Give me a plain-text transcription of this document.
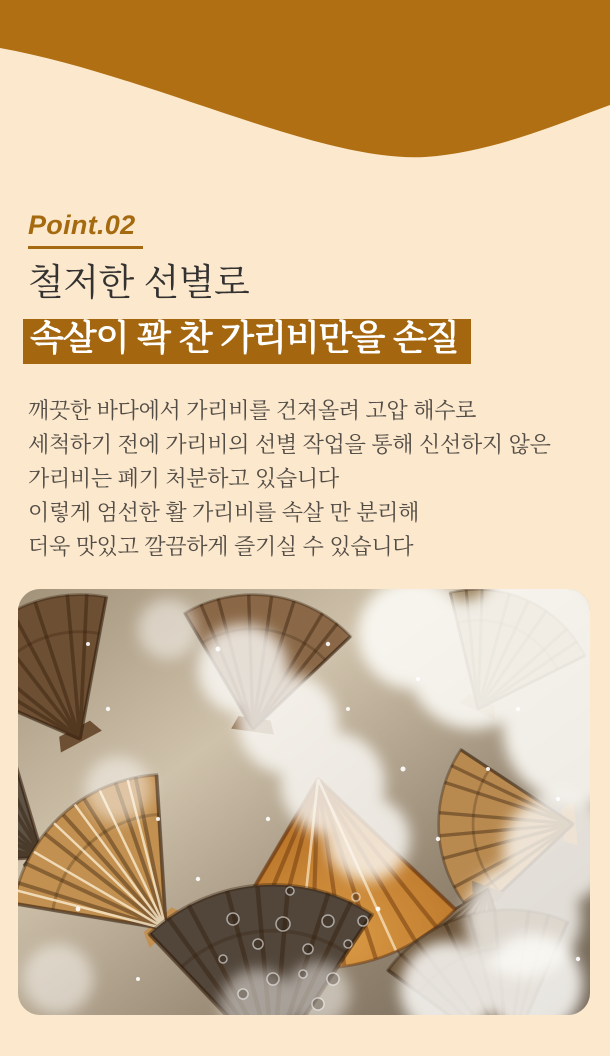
Point.02
철저한 선별로
속살이 꽉 찬 가리비만을 손질
깨끗한 바다에서 가리비를 건져올려 고압 해수로
세척하기 전에 가리비의 선별 작업을 통해 신선하지 않은
가리비는 폐기 처분하고 있습니다
이렇게 엄선한 활 가리비를 속살 만 분리해
더욱 맛있고 깔끔하게 즐기실 수 있습니다
